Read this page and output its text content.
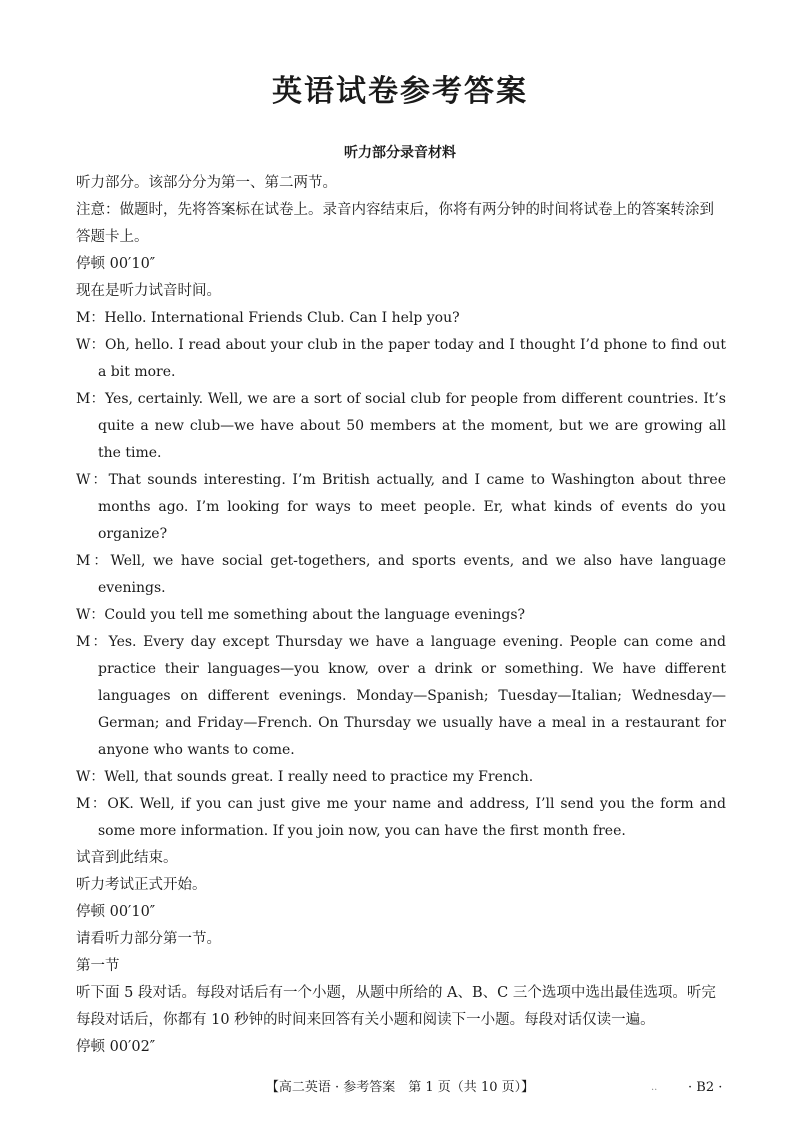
英语试卷参考答案
听力部分录音材料

听力部分。该部分分为第一、第二两节。

注意：做题时，先将答案标在试卷上。录音内容结束后，你将有两分钟的时间将试卷上的答案转涂到答题卡上。

停顿 00′10″

现在是听力试音时间。

M：Hello. International Friends Club. Can I help you?

W：Oh, hello. I read about your club in the paper today and I thought I’d phone to find out a bit more.

M：Yes, certainly. Well, we are a sort of social club for people from different countries. It’s quite a new club—we have about 50 members at the moment, but we are growing all the time.

W：That sounds interesting. I’m British actually, and I came to Washington about three months ago. I’m looking for ways to meet people. Er, what kinds of events do you organize?

M：Well, we have social get-togethers, and sports events, and we also have language evenings.

W：Could you tell me something about the language evenings?

M：Yes. Every day except Thursday we have a language evening. People can come and practice their languages—you know, over a drink or something. We have different languages on different evenings. Monday—Spanish; Tuesday—Italian; Wednesday—German; and Friday—French. On Thursday we usually have a meal in a restaurant for anyone who wants to come.

W：Well, that sounds great. I really need to practice my French.

M：OK. Well, if you can just give me your name and address, I’ll send you the form and some more information. If you join now, you can have the first month free.

试音到此结束。

听力考试正式开始。

停顿 00′10″

请看听力部分第一节。

第一节

听下面 5 段对话。每段对话后有一个小题，从题中所给的 A、B、C 三个选项中选出最佳选项。听完每段对话后，你都有 10 秒钟的时间来回答有关小题和阅读下一小题。每段对话仅读一遍。

停顿 00′02″

【高二英语 · 参考答案　第 1 页（共 10 页）】	.. · B2 ·
